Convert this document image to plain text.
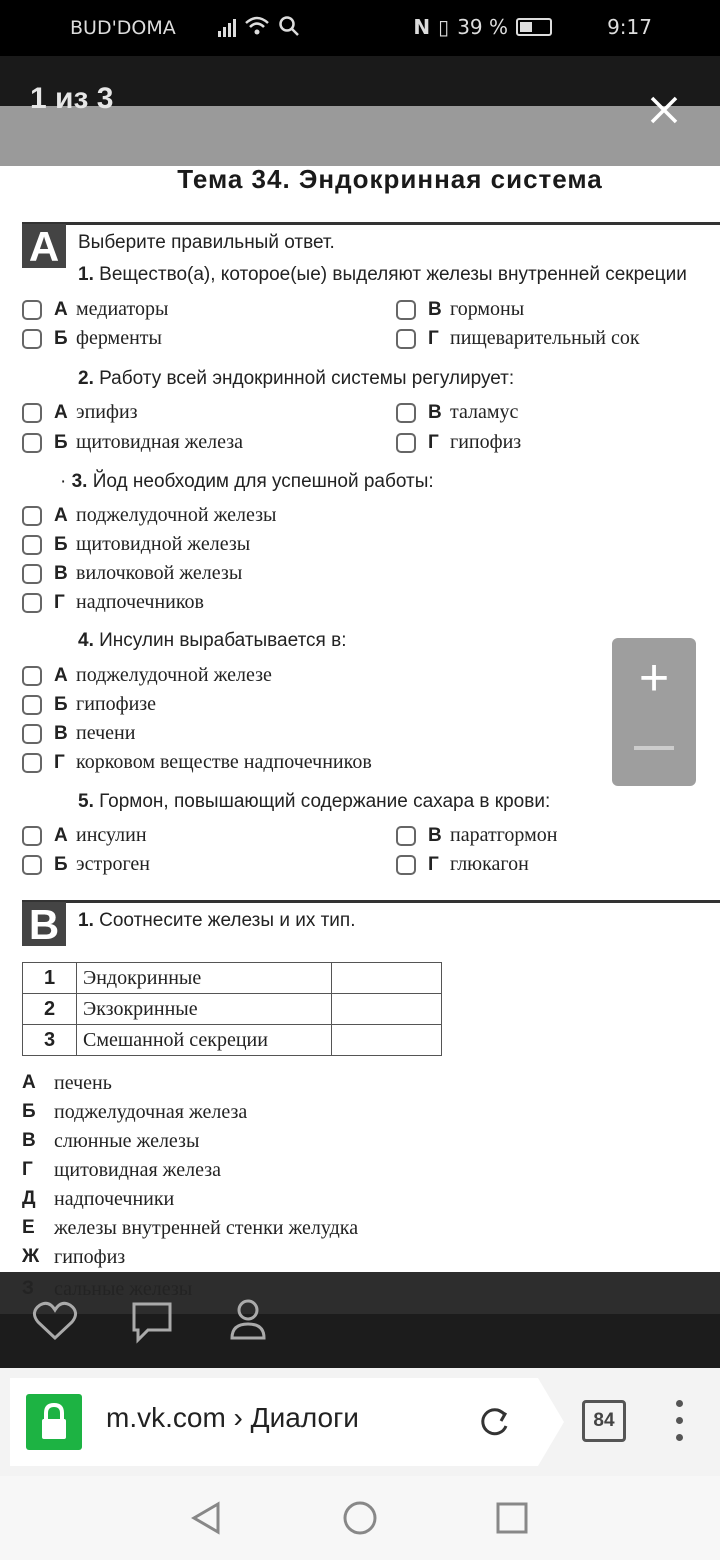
BUD'DOMA	N ▯ 39 %	9:17
Тема 34. Эндокринная система
А Выберите правильный ответ.
1. Вещество(а), которое(ые) выделяют железы внутренней секреции
А медиаторы
Б ферменты
В гормоны
Г пищеварительный сок
2. Работу всей эндокринной системы регулирует:
А эпифиз
Б щитовидная железа
В таламус
Г гипофиз
· 3. Йод необходим для успешной работы:
А поджелудочной железы
Б щитовидной железы
В вилочковой железы
Г надпочечников
4. Инсулин вырабатывается в:
А поджелудочной железе
Б гипофизе
В печени
Г корковом веществе надпочечников
5. Гормон, повышающий содержание сахара в крови:
А инсулин
Б эстроген
В паратгормон
Г глюкагон
В 1. Соотнесите железы и их тип.
1	Эндокринные	
2	Экзокринные	
3	Смешанной секреции	
А печень
Б поджелудочная железа
В слюнные железы
Г	щитовидная железа
Д надпочечники
Е железы внутренней стенки желудка
Ж гипофиз
1 из 3
+
З	сальные железы
m.vk.com › Диалоги	84
